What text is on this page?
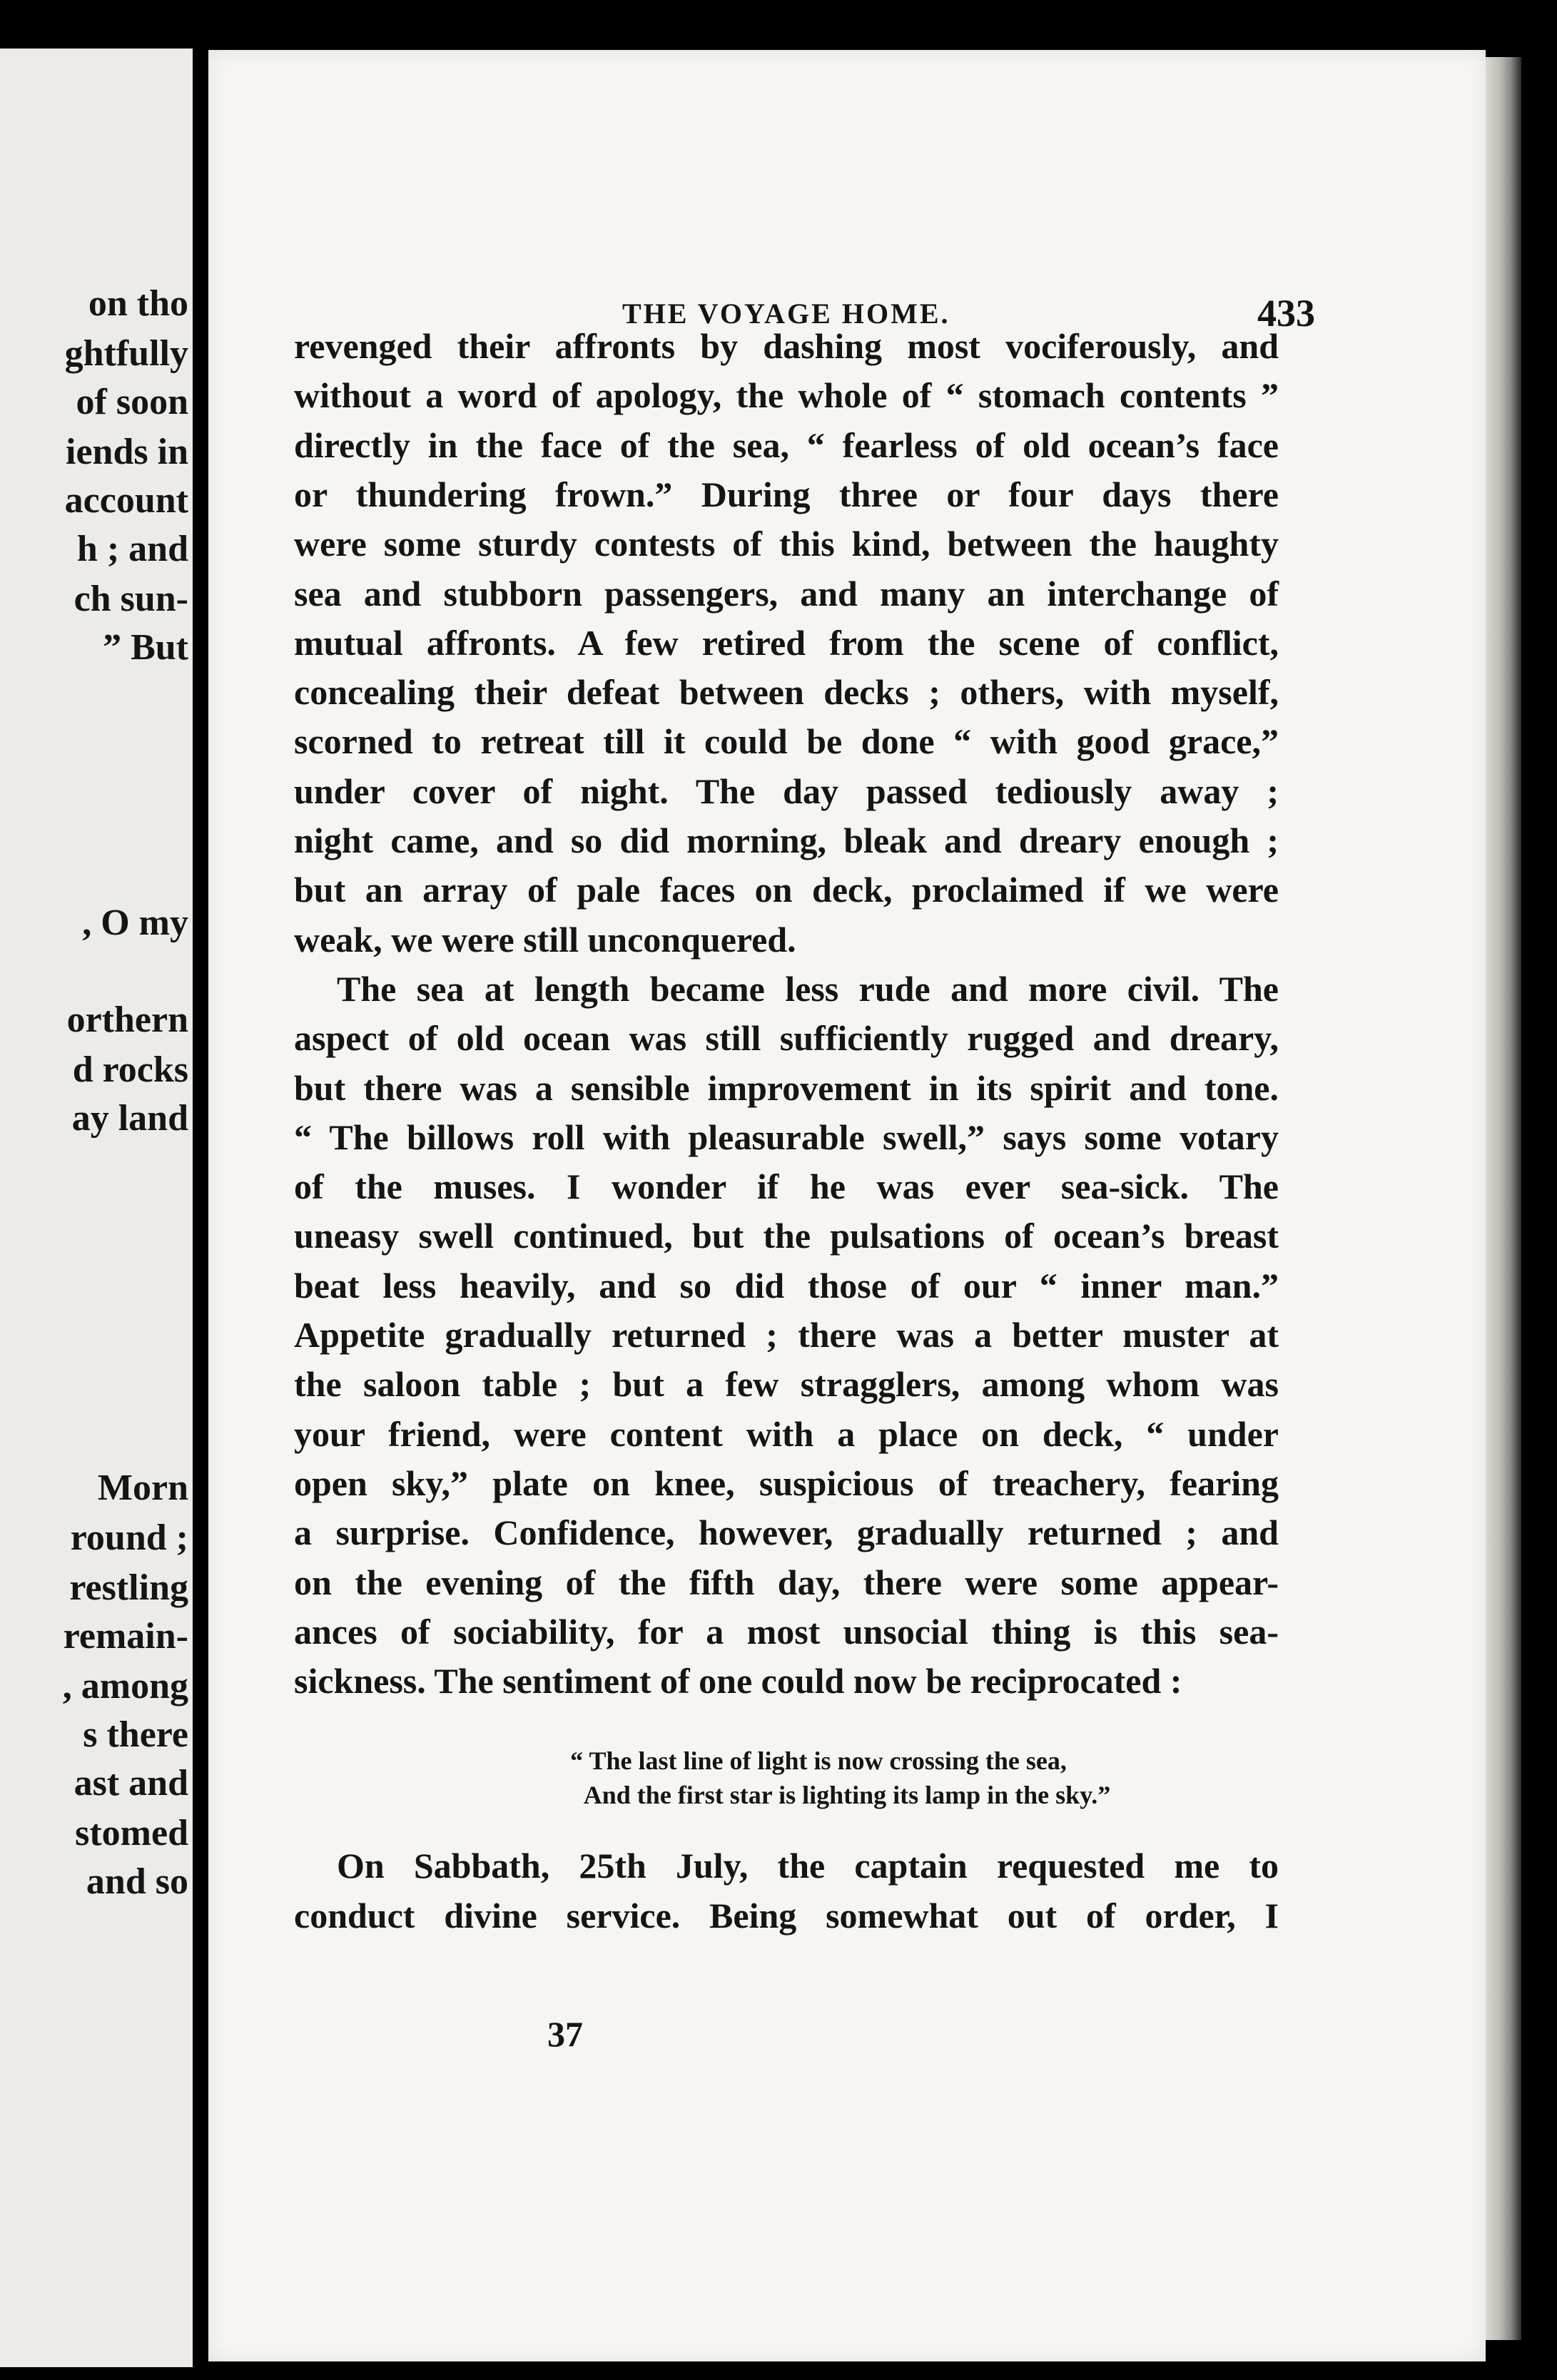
on tho
ghtfully
of soon
iends in
account
h ; and
ch sun-
” But
, O my
orthern
d rocks
ay land
Morn
round ;
restling
remain-
, among
s there
ast and
stomed
and so
THE VOYAGE HOME.	433
revenged their affronts by dashing most vociferously, and
without a word of apology, the whole of “ stomach contents ”
directly in the face of the sea, “ fearless of old ocean’s face
or thundering frown.” During three or four days there
were some sturdy contests of this kind, between the haughty
sea and stubborn passengers, and many an interchange of
mutual affronts. A few retired from the scene of conflict,
concealing their defeat between decks ; others, with myself,
scorned to retreat till it could be done “ with good grace,”
under cover of night. The day passed tediously away ;
night came, and so did morning, bleak and dreary enough ;
but an array of pale faces on deck, proclaimed if we were
weak, we were still unconquered.
The sea at length became less rude and more civil. The
aspect of old ocean was still sufficiently rugged and dreary,
but there was a sensible improvement in its spirit and tone.
“ The billows roll with pleasurable swell,” says some votary
of the muses. I wonder if he was ever sea-sick. The
uneasy swell continued, but the pulsations of ocean’s breast
beat less heavily, and so did those of our “ inner man.”
Appetite gradually returned ; there was a better muster at
the saloon table ; but a few stragglers, among whom was
your friend, were content with a place on deck, “ under
open sky,” plate on knee, suspicious of treachery, fearing
a surprise. Confidence, however, gradually returned ; and
on the evening of the fifth day, there were some appear-
ances of sociability, for a most unsocial thing is this sea-
sickness. The sentiment of one could now be reciprocated :
“ The last line of light is now crossing the sea,
And the first star is lighting its lamp in the sky.”
On Sabbath, 25th July, the captain requested me to
conduct divine service. Being somewhat out of order, I
37
